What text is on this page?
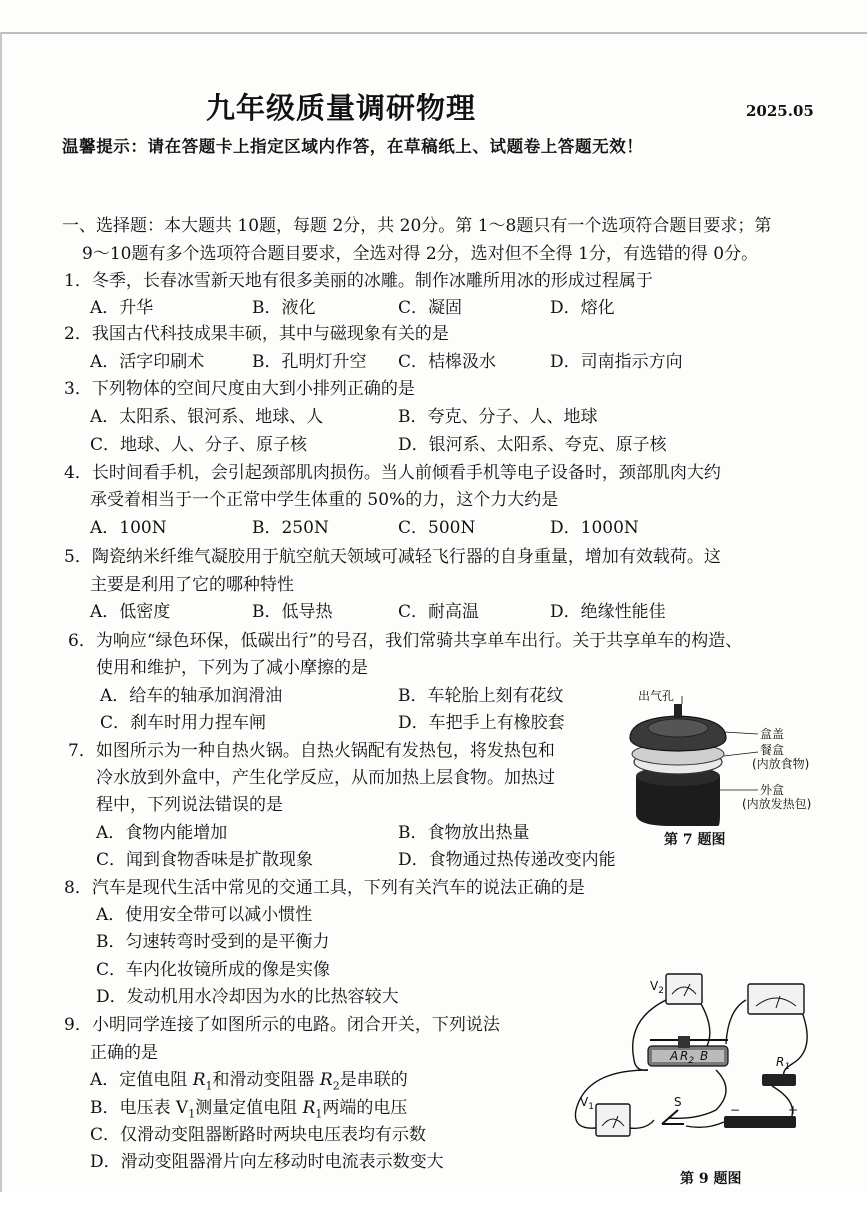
九年级质量调研物理	2025.05
温馨提示：请在答题卡上指定区域内作答，在草稿纸上、试题卷上答题无效！
一、选择题：本大题共 10题，每题 2分，共 20分。第 1～8题只有一个选项符合题目要求；第
9～10题有多个选项符合题目要求，全选对得 2分，选对但不全得 1分，有选错的得 0分。
1．冬季，长春冰雪新天地有很多美丽的冰雕。制作冰雕所用冰的形成过程属于
A．升华	B．液化	C．凝固	D．熔化
2．我国古代科技成果丰硕，其中与磁现象有关的是
A．活字印刷术	B．孔明灯升空 C．桔槔汲水	D．司南指示方向
3．下列物体的空间尺度由大到小排列正确的是
A．太阳系、银河系、地球、人	B．夸克、分子、人、地球
C．地球、人、分子、原子核	D．银河系、太阳系、夸克、原子核
4．长时间看手机，会引起颈部肌肉损伤。当人前倾看手机等电子设备时，颈部肌肉大约
承受着相当于一个正常中学生体重的 50%的力，这个力大约是
A．100N	B．250N	C．500N	D．1000N
5．陶瓷纳米纤维气凝胶用于航空航天领域可减轻飞行器的自身重量，增加有效载荷。这
主要是利用了它的哪种特性
A．低密度	B．低导热	C．耐高温	D．绝缘性能佳
6．为响应“绿色环保，低碳出行”的号召，我们常骑共享单车出行。关于共享单车的构造、
使用和维护，下列为了减小摩擦的是
A．给车的轴承加润滑油	B．车轮胎上刻有花纹
C．刹车时用力捏车闸	D．车把手上有橡胶套
7．如图所示为一种自热火锅。自热火锅配有发热包，将发热包和
冷水放到外盒中，产生化学反应，从而加热上层食物。加热过
程中，下列说法错误的是
A．食物内能增加	B．食物放出热量
C．闻到食物香味是扩散现象	D．食物通过热传递改变内能
出气孔
盒盖
餐盒
(内放食物)
外盒
(内放发热包)
第 7 题图
8．汽车是现代生活中常见的交通工具，下列有关汽车的说法正确的是
A．使用安全带可以减小惯性
B．匀速转弯时受到的是平衡力
C．车内化妆镜所成的像是实像
D．发动机用水冷却因为水的比热容较大
9．小明同学连接了如图所示的电路。闭合开关，下列说法
正确的是
A．定值电阻 $R_1$和滑动变阻器 $R_2$是串联的
B．电压表 $V_1$测量定值电阻 $R_1$两端的电压
C．仅滑动变阻器断路时两块电压表均有示数
D．滑动变阻器滑片向左移动时电流表示数变大
$V_2$
$V_1$
$R_1$
A $R_2$ B
S
−	+
第 9 题图
